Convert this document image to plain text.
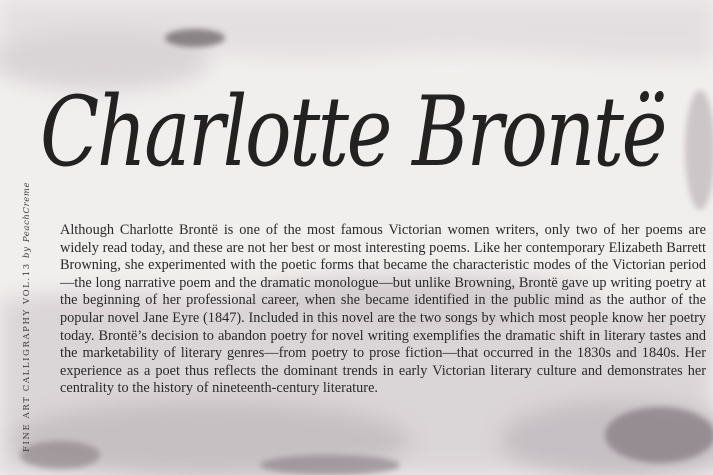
FINE ART CALLIGRAPHY VOL.13 by PeachCreme
Charlotte Brontë
Although Charlotte Brontë is one of the most famous Victorian women writers, only two of her poems are widely read today, and these are not her best or most interesting poems. Like her contemporary Elizabeth Barrett Browning, she experimented with the poetic forms that became the characteristic modes of the Victorian period—the long narrative poem and the dramatic monologue—but unlike Browning, Brontë gave up writing poetry at the beginning of her professional career, when she became identified in the public mind as the author of the popular novel Jane Eyre (1847). Included in this novel are the two songs by which most people know her poetry today. Brontë’s decision to abandon poetry for novel writing exemplifies the dramatic shift in literary tastes and the marketability of literary genres—from poetry to prose fiction—that occurred in the 1830s and 1840s. Her experience as a poet thus reflects the dominant trends in early Victorian literary culture and demonstrates her centrality to the history of nineteenth-century literature.
